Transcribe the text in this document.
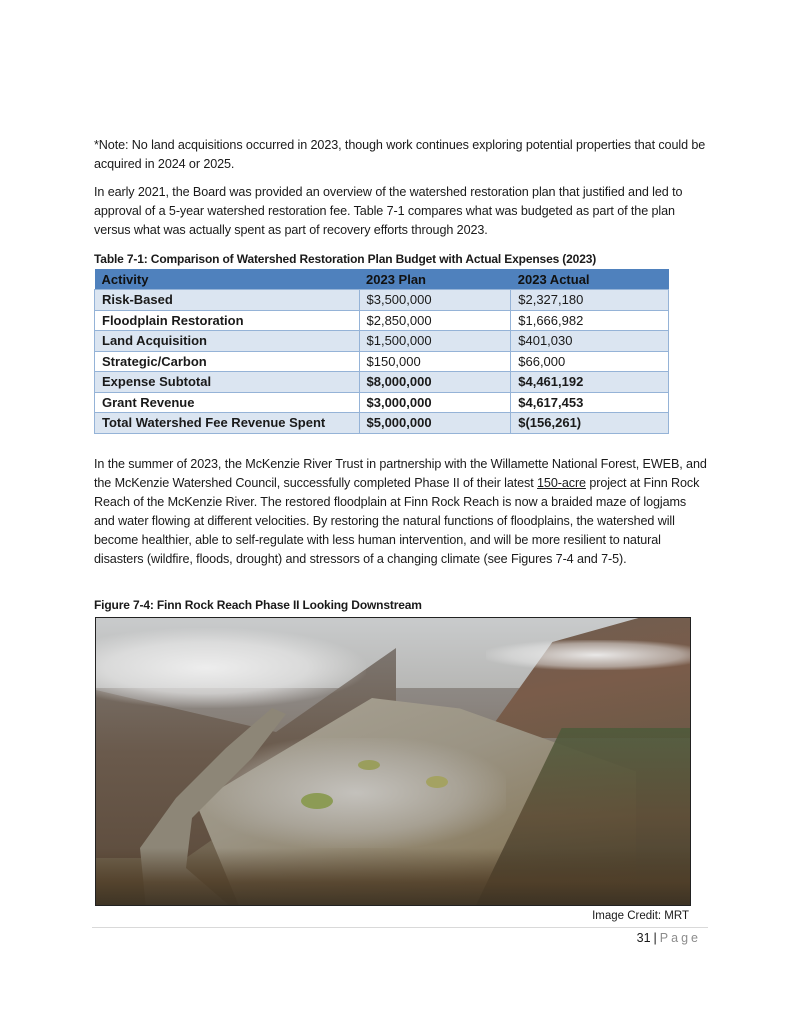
*Note: No land acquisitions occurred in 2023, though work continues exploring potential properties that could be acquired in 2024 or 2025.

In early 2021, the Board was provided an overview of the watershed restoration plan that justified and led to approval of a 5-year watershed restoration fee. Table 7-1 compares what was budgeted as part of the plan versus what was actually spent as part of recovery efforts through 2023.

Table 7-1: Comparison of Watershed Restoration Plan Budget with Actual Expenses (2023)

Activity	2023 Plan	2023 Actual
Risk-Based	$3,500,000	$2,327,180
Floodplain Restoration	$2,850,000	$1,666,982
Land Acquisition	$1,500,000	$401,030
Strategic/Carbon	$150,000	$66,000
Expense Subtotal	$8,000,000	$4,461,192
Grant Revenue	$3,000,000	$4,617,453
Total Watershed Fee Revenue Spent	$5,000,000	$(156,261)

In the summer of 2023, the McKenzie River Trust in partnership with the Willamette National Forest, EWEB, and the McKenzie Watershed Council, successfully completed Phase II of their latest 150-acre project at Finn Rock Reach of the McKenzie River. The restored floodplain at Finn Rock Reach is now a braided maze of logjams and water flowing at different velocities. By restoring the natural functions of floodplains, the watershed will become healthier, able to self-regulate with less human intervention, and will be more resilient to natural disasters (wildfire, floods, drought) and stressors of a changing climate (see Figures 7-4 and 7-5).

Figure 7-4: Finn Rock Reach Phase II Looking Downstream

Image Credit: MRT
31 | Page
